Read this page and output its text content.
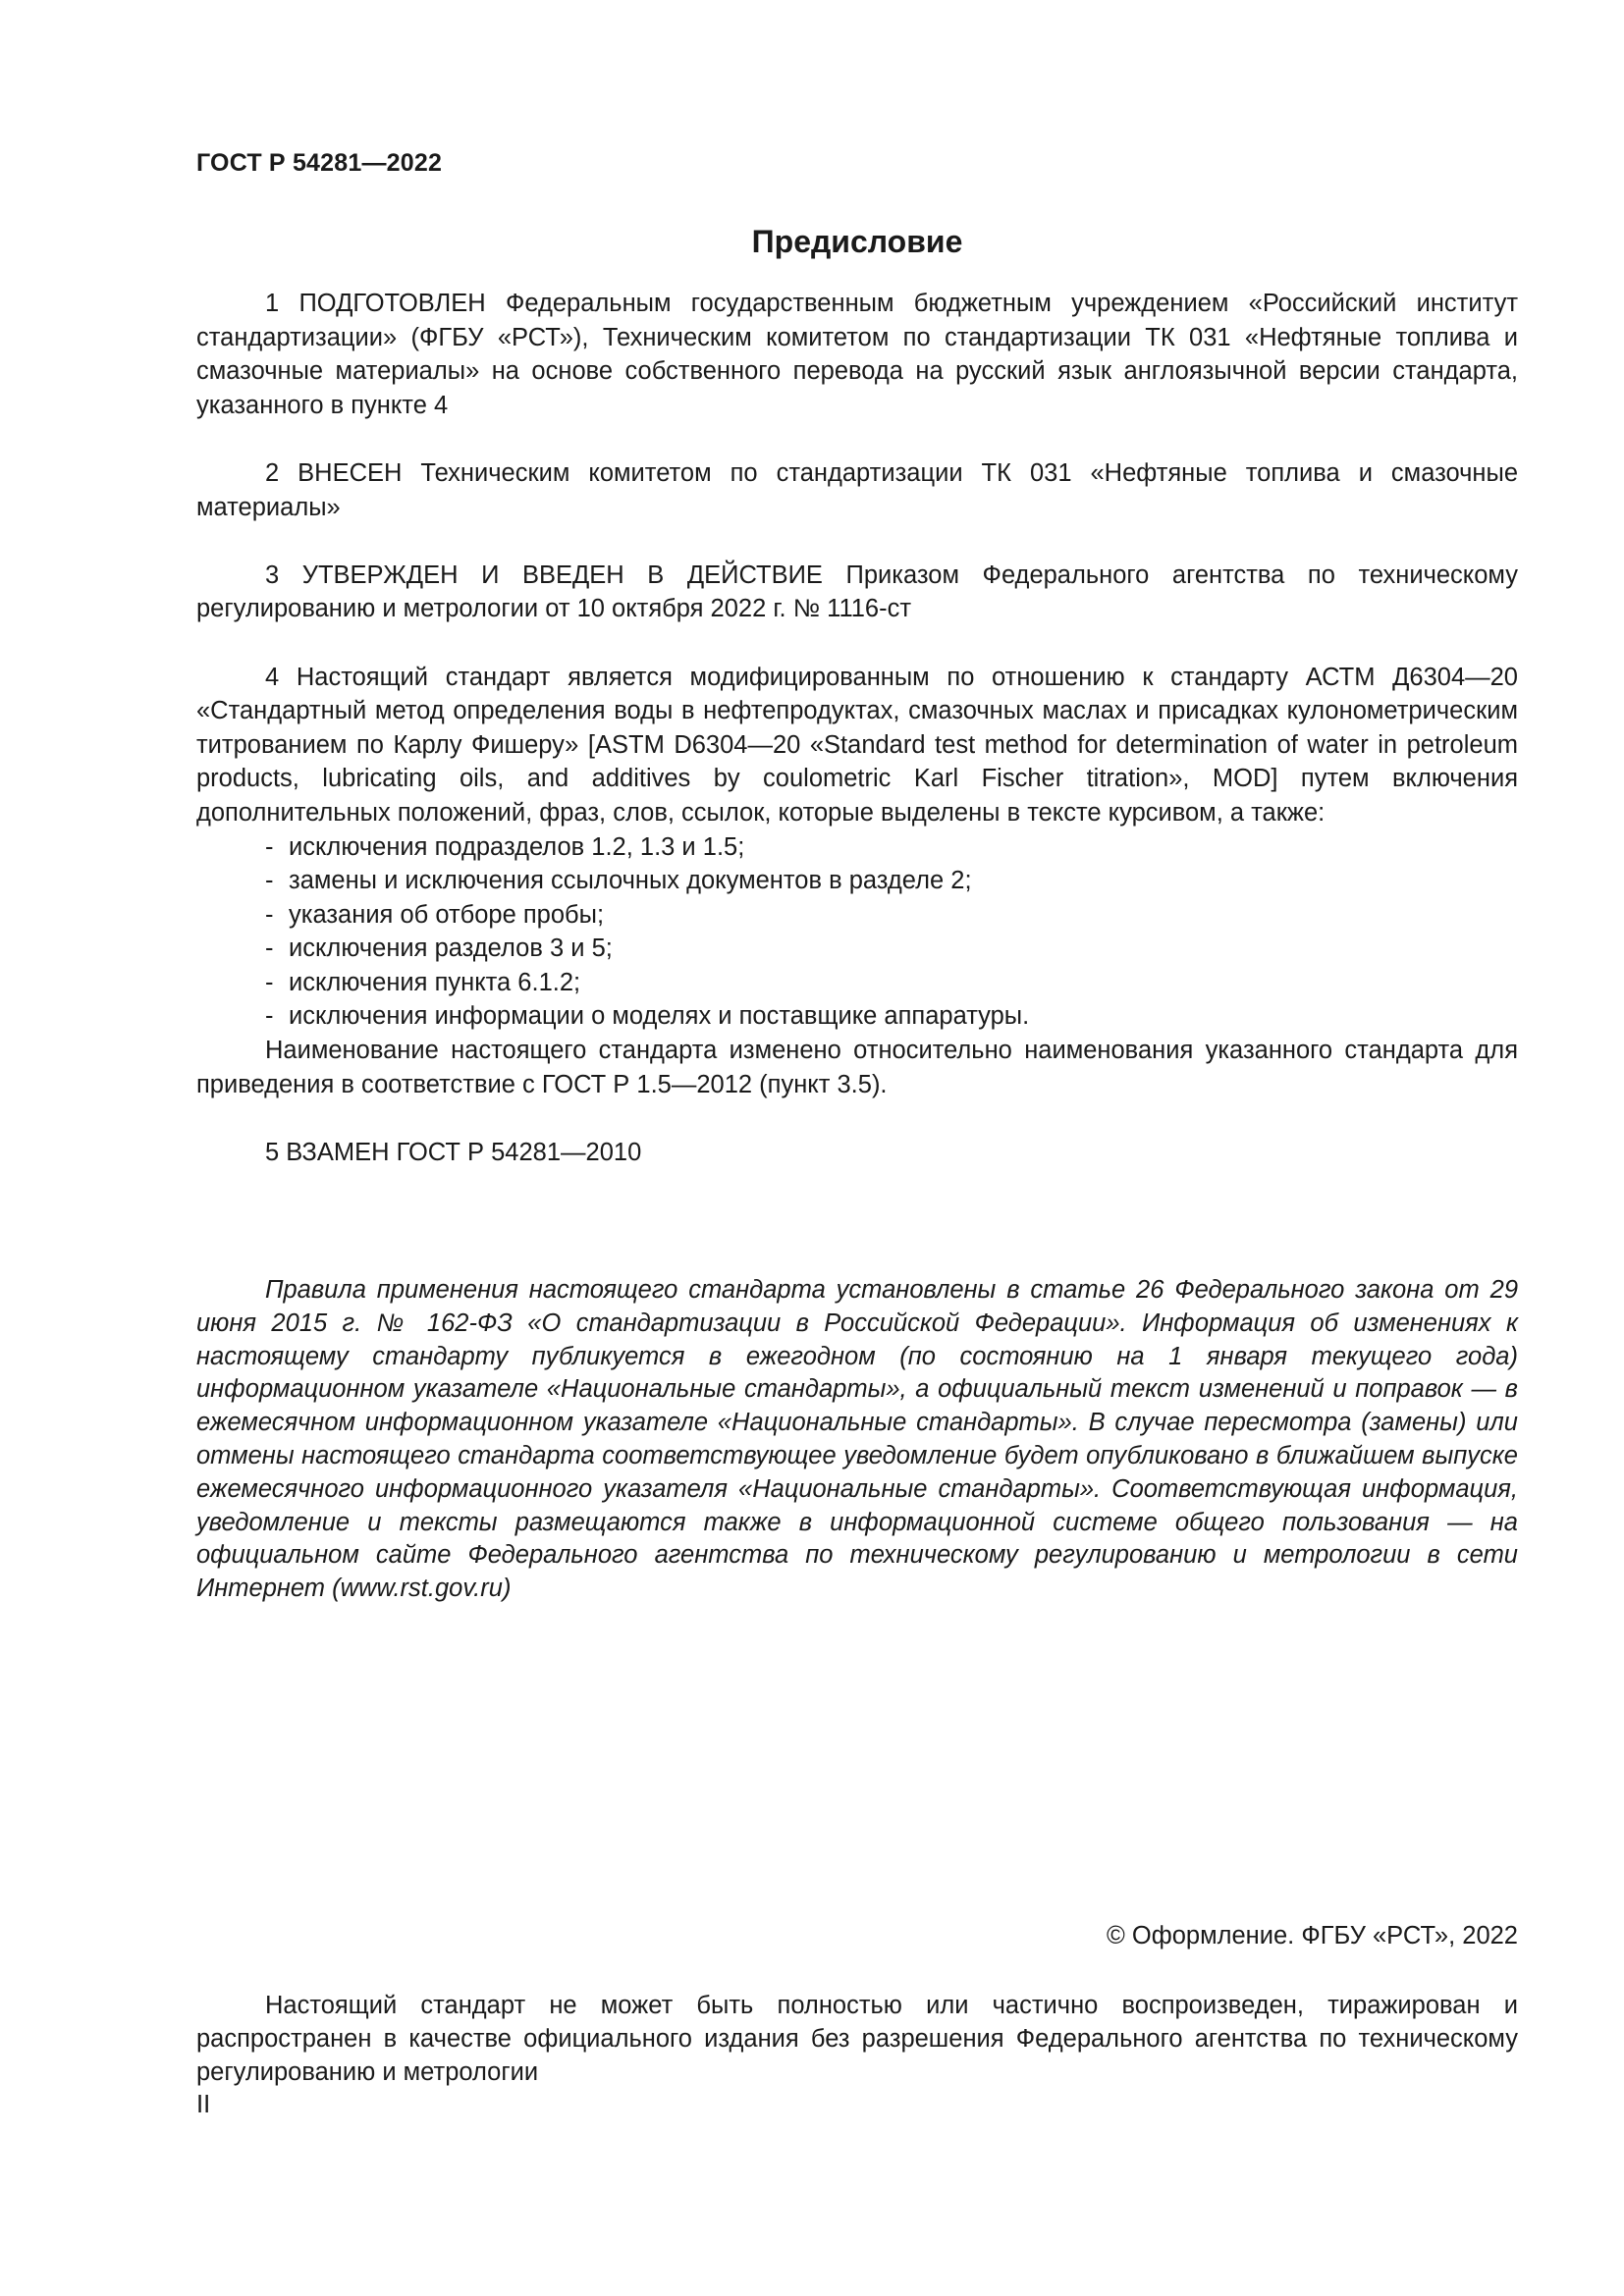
ГОСТ Р 54281—2022
Предисловие

1 ПОДГОТОВЛЕН Федеральным государственным бюджетным учреждением «Российский институт стандартизации» (ФГБУ «РСТ»), Техническим комитетом по стандартизации ТК 031 «Нефтяные топлива и смазочные материалы» на основе собственного перевода на русский язык англоязычной версии стандарта, указанного в пункте 4

2 ВНЕСЕН Техническим комитетом по стандартизации ТК 031 «Нефтяные топлива и смазочные материалы»

3 УТВЕРЖДЕН И ВВЕДЕН В ДЕЙСТВИЕ Приказом Федерального агентства по техническому регулированию и метрологии от 10 октября 2022 г. № 1116-ст

4 Настоящий стандарт является модифицированным по отношению к стандарту АСТМ Д6304—20 «Стандартный метод определения воды в нефтепродуктах, смазочных маслах и присадках кулонометрическим титрованием по Карлу Фишеру» [ASTM D6304—20 «Standard test method for determination of water in petroleum products, lubricating oils, and additives by coulometric Karl Fischer titration», MOD] путем включения дополнительных положений, фраз, слов, ссылок, которые выделены в тексте курсивом, а также:

- исключения подразделов 1.2, 1.3 и 1.5;
- замены и исключения ссылочных документов в разделе 2;
- указания об отборе пробы;
- исключения разделов 3 и 5;
- исключения пункта 6.1.2;
- исключения информации о моделях и поставщике аппаратуры.

Наименование настоящего стандарта изменено относительно наименования указанного стандарта для приведения в соответствие с ГОСТ Р 1.5—2012 (пункт 3.5).

5 ВЗАМЕН ГОСТ Р 54281—2010

Правила применения настоящего стандарта установлены в статье 26 Федерального закона от 29 июня 2015 г. № 162-ФЗ «О стандартизации в Российской Федерации». Информация об изменениях к настоящему стандарту публикуется в ежегодном (по состоянию на 1 января текущего года) информационном указателе «Национальные стандарты», а официальный текст изменений и поправок — в ежемесячном информационном указателе «Национальные стандарты». В случае пересмотра (замены) или отмены настоящего стандарта соответствующее уведомление будет опубликовано в ближайшем выпуске ежемесячного информационного указателя «Национальные стандарты». Соответствующая информация, уведомление и тексты размещаются также в информационной системе общего пользования — на официальном сайте Федерального агентства по техническому регулированию и метрологии в сети Интернет (www.rst.gov.ru)

© Оформление. ФГБУ «РСТ», 2022

Настоящий стандарт не может быть полностью или частично воспроизведен, тиражирован и распространен в качестве официального издания без разрешения Федерального агентства по техническому регулированию и метрологии

II
